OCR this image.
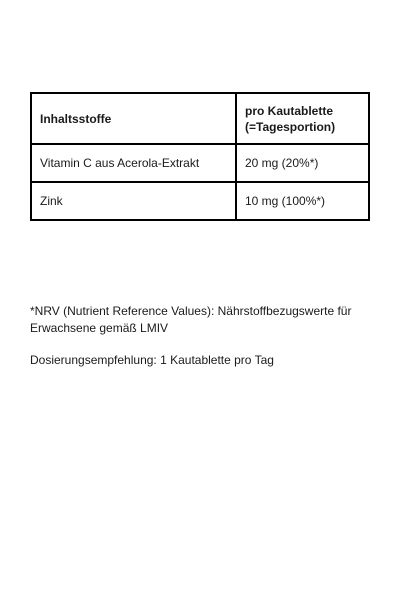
Inhaltsstoffe	pro Kautablette
(=Tagesportion)
Vitamin C aus Acerola-Extrakt	20 mg (20%*)
Zink	10 mg (100%*)

*NRV (Nutrient Reference Values): Nährstoffbezugswerte für Erwachsene gemäß LMIV

Dosierungsempfehlung: 1 Kautablette pro Tag
